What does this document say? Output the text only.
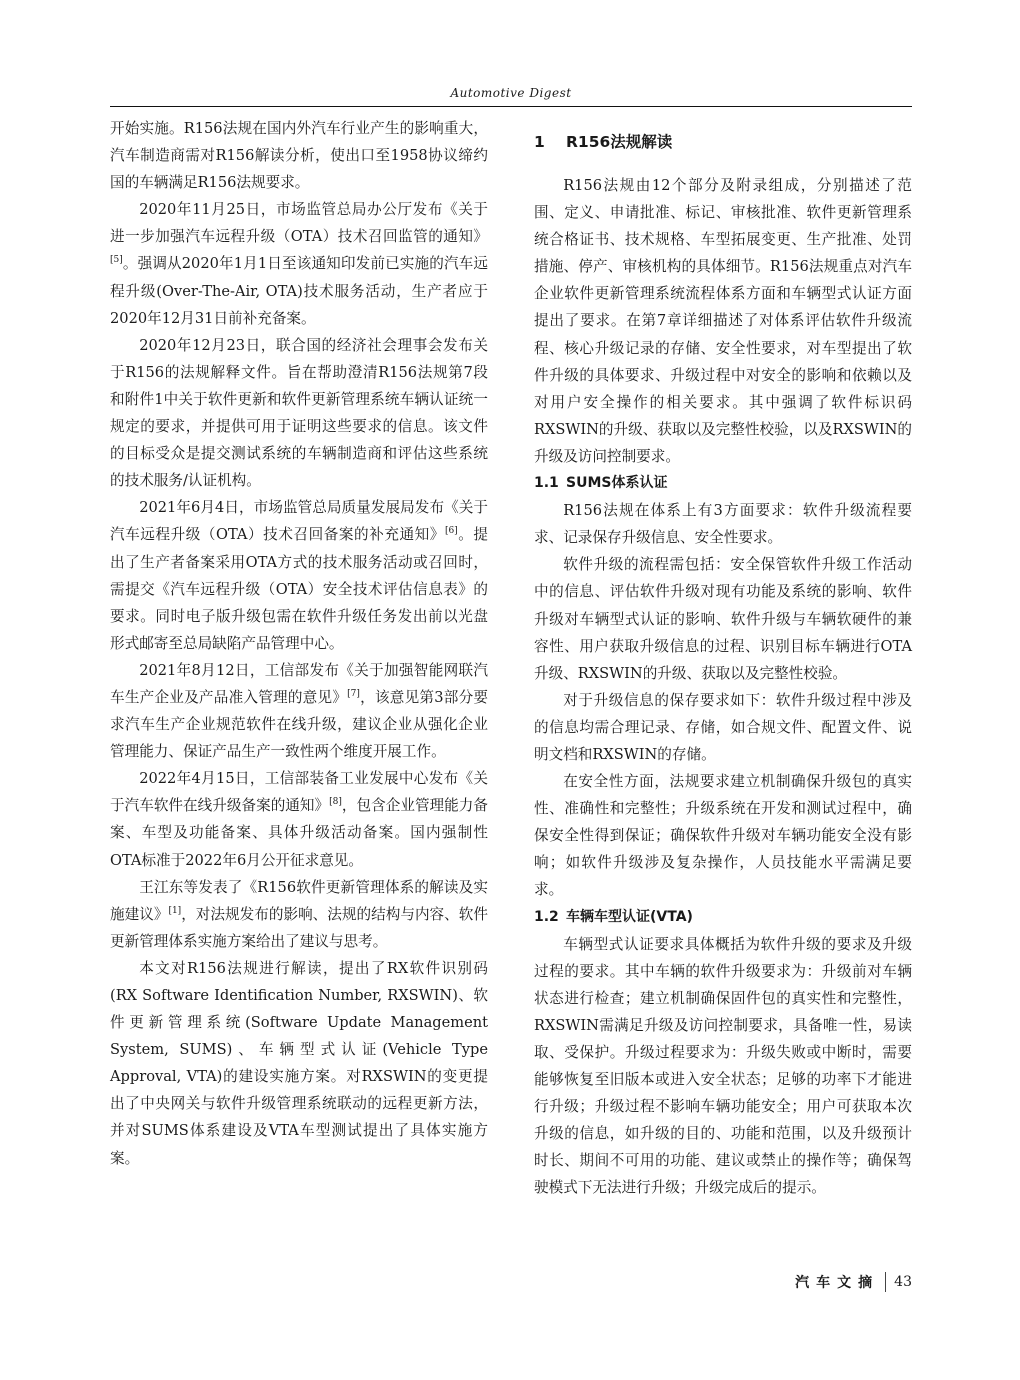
Automotive Digest

开始实施。R156法规在国内外汽车行业产生的影响重大，汽车制造商需对R156解读分析，使出口至1958协议缔约国的车辆满足R156法规要求。

2020年11月25日，市场监管总局办公厅发布《关于进一步加强汽车远程升级（OTA）技术召回监管的通知》[5]。强调从2020年1月1日至该通知印发前已实施的汽车远程升级(Over-The-Air, OTA)技术服务活动，生产者应于2020年12月31日前补充备案。

2020年12月23日，联合国的经济社会理事会发布关于R156的法规解释文件。旨在帮助澄清R156法规第7段和附件1中关于软件更新和软件更新管理系统车辆认证统一规定的要求，并提供可用于证明这些要求的信息。该文件的目标受众是提交测试系统的车辆制造商和评估这些系统的技术服务/认证机构。

2021年6月4日，市场监管总局质量发展局发布《关于汽车远程升级（OTA）技术召回备案的补充通知》[6]。提出了生产者备案采用OTA方式的技术服务活动或召回时，需提交《汽车远程升级（OTA）安全技术评估信息表》的要求。同时电子版升级包需在软件升级任务发出前以光盘形式邮寄至总局缺陷产品管理中心。

2021年8月12日，工信部发布《关于加强智能网联汽车生产企业及产品准入管理的意见》[7]，该意见第3部分要求汽车生产企业规范软件在线升级，建议企业从强化企业管理能力、保证产品生产一致性两个维度开展工作。

2022年4月15日，工信部装备工业发展中心发布《关于汽车软件在线升级备案的通知》[8]，包含企业管理能力备案、车型及功能备案、具体升级活动备案。国内强制性OTA标准于2022年6月公开征求意见。

王江东等发表了《R156软件更新管理体系的解读及实施建议》[1]，对法规发布的影响、法规的结构与内容、软件更新管理体系实施方案给出了建议与思考。

本文对R156法规进行解读，提出了RX软件识别码(RX Software Identification Number, RXSWIN)、软件更新管理系统(Software Update Management System, SUMS)、车辆型式认证(Vehicle Type Approval, VTA)的建设实施方案。对RXSWIN的变更提出了中央网关与软件升级管理系统联动的远程更新方法，并对SUMS体系建设及VTA车型测试提出了具体实施方案。

1 R156法规解读

R156法规由12个部分及附录组成，分别描述了范围、定义、申请批准、标记、审核批准、软件更新管理系统合格证书、技术规格、车型拓展变更、生产批准、处罚措施、停产、审核机构的具体细节。R156法规重点对汽车企业软件更新管理系统流程体系方面和车辆型式认证方面提出了要求。在第7章详细描述了对体系评估软件升级流程、核心升级记录的存储、安全性要求，对车型提出了软件升级的具体要求、升级过程中对安全的影响和依赖以及对用户安全操作的相关要求。其中强调了软件标识码RXSWIN的升级、获取以及完整性校验，以及RXSWIN的升级及访问控制要求。

1.1 SUMS体系认证

R156法规在体系上有3方面要求：软件升级流程要求、记录保存升级信息、安全性要求。

软件升级的流程需包括：安全保管软件升级工作活动中的信息、评估软件升级对现有功能及系统的影响、软件升级对车辆型式认证的影响、软件升级与车辆软硬件的兼容性、用户获取升级信息的过程、识别目标车辆进行OTA升级、RXSWIN的升级、获取以及完整性校验。

对于升级信息的保存要求如下：软件升级过程中涉及的信息均需合理记录、存储，如合规文件、配置文件、说明文档和RXSWIN的存储。

在安全性方面，法规要求建立机制确保升级包的真实性、准确性和完整性；升级系统在开发和测试过程中，确保安全性得到保证；确保软件升级对车辆功能安全没有影响；如软件升级涉及复杂操作，人员技能水平需满足要求。

1.2 车辆车型认证(VTA)

车辆型式认证要求具体概括为软件升级的要求及升级过程的要求。其中车辆的软件升级要求为：升级前对车辆状态进行检查；建立机制确保固件包的真实性和完整性，RXSWIN需满足升级及访问控制要求，具备唯一性，易读取、受保护。升级过程要求为：升级失败或中断时，需要能够恢复至旧版本或进入安全状态；足够的功率下才能进行升级；升级过程不影响车辆功能安全；用户可获取本次升级的信息，如升级的目的、功能和范围，以及升级预计时长、期间不可用的功能、建议或禁止的操作等；确保驾驶模式下无法进行升级；升级完成后的提示。

汽车文摘 43
